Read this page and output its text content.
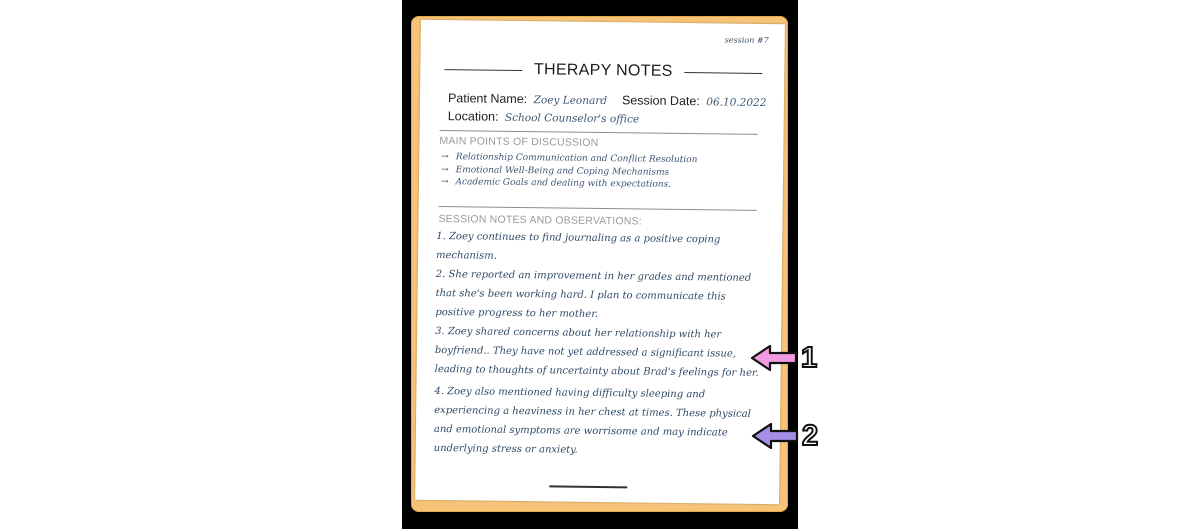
session #7
THERAPY NOTES
Patient Name: Zoey Leonard Session Date: 06.10.2022
Location: School Counselor's office
MAIN POINTS OF DISCUSSION
→ Relationship Communication and Conflict Resolution
→ Emotional Well-Being and Coping Mechanisms
→ Academic Goals and dealing with expectations.
SESSION NOTES AND OBSERVATIONS:
1. Zoey continues to find journaling as a positive coping mechanism.
2. She reported an improvement in her grades and mentioned that she's been working hard. I plan to communicate this positive progress to her mother.
3. Zoey shared concerns about her relationship with her boyfriend.. They have not yet addressed a significant issue, leading to thoughts of uncertainty about Brad's feelings for her.
4. Zoey also mentioned having difficulty sleeping and experiencing a heaviness in her chest at times. These physical and emotional symptoms are worrisome and may indicate underlying stress or anxiety.
1
2
